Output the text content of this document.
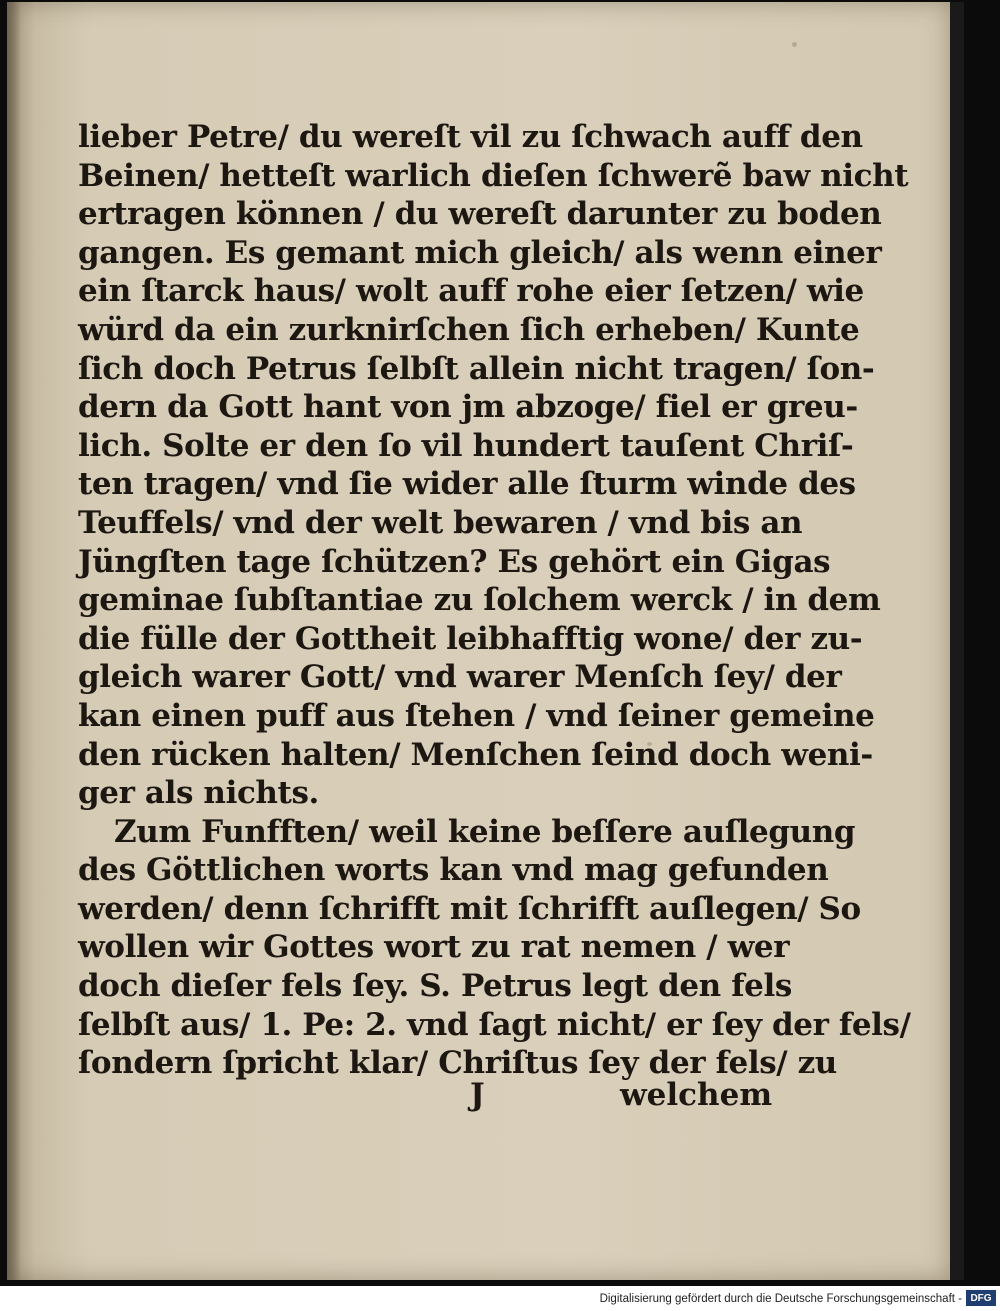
lieber Petre/ du wereſt vil zu ſchwach auff den
Beinen/ hetteſt warlich dieſen ſchwerẽ baw nicht
ertragen können / du wereſt darunter zu boden
gangen. Es gemant mich gleich/ als wenn einer
ein ſtarck haus/ wolt auff rohe eier ſetzen/ wie
würd da ein zurknirſchen ſich erheben/ Kunte
ſich doch Petrus ſelbſt allein nicht tragen/ ſon-
dern da Gott hant von jm abzoge/ fiel er greu-
lich. Solte er den ſo vil hundert tauſent Chriſ-
ten tragen/ vnd ſie wider alle ſturm winde des
Teuffels/ vnd der welt bewaren / vnd bis an
Jüngſten tage ſchützen? Es gehört ein Gigas
geminae ſubſtantiae zu ſolchem werck / in dem
die fülle der Gottheit leibhafftig wone/ der zu-
gleich warer Gott/ vnd warer Menſch ſey/ der
kan einen puff aus ſtehen / vnd ſeiner gemeine
den rücken halten/ Menſchen ſeind doch weni-
ger als nichts.
Zum Funfften/ weil keine beſſere auſlegung
des Göttlichen worts kan vnd mag gefunden
werden/ denn ſchrifft mit ſchrifft auſlegen/ So
wollen wir Gottes wort zu rat nemen / wer
doch dieſer fels ſey. S. Petrus legt den fels
ſelbſt aus/ 1. Pe: 2. vnd ſagt nicht/ er ſey der fels/
ſondern ſpricht klar/ Chriſtus ſey der fels/ zu
J	welchem
Digitalisierung gefördert durch die Deutsche Forschungsgemeinschaft - DFG
